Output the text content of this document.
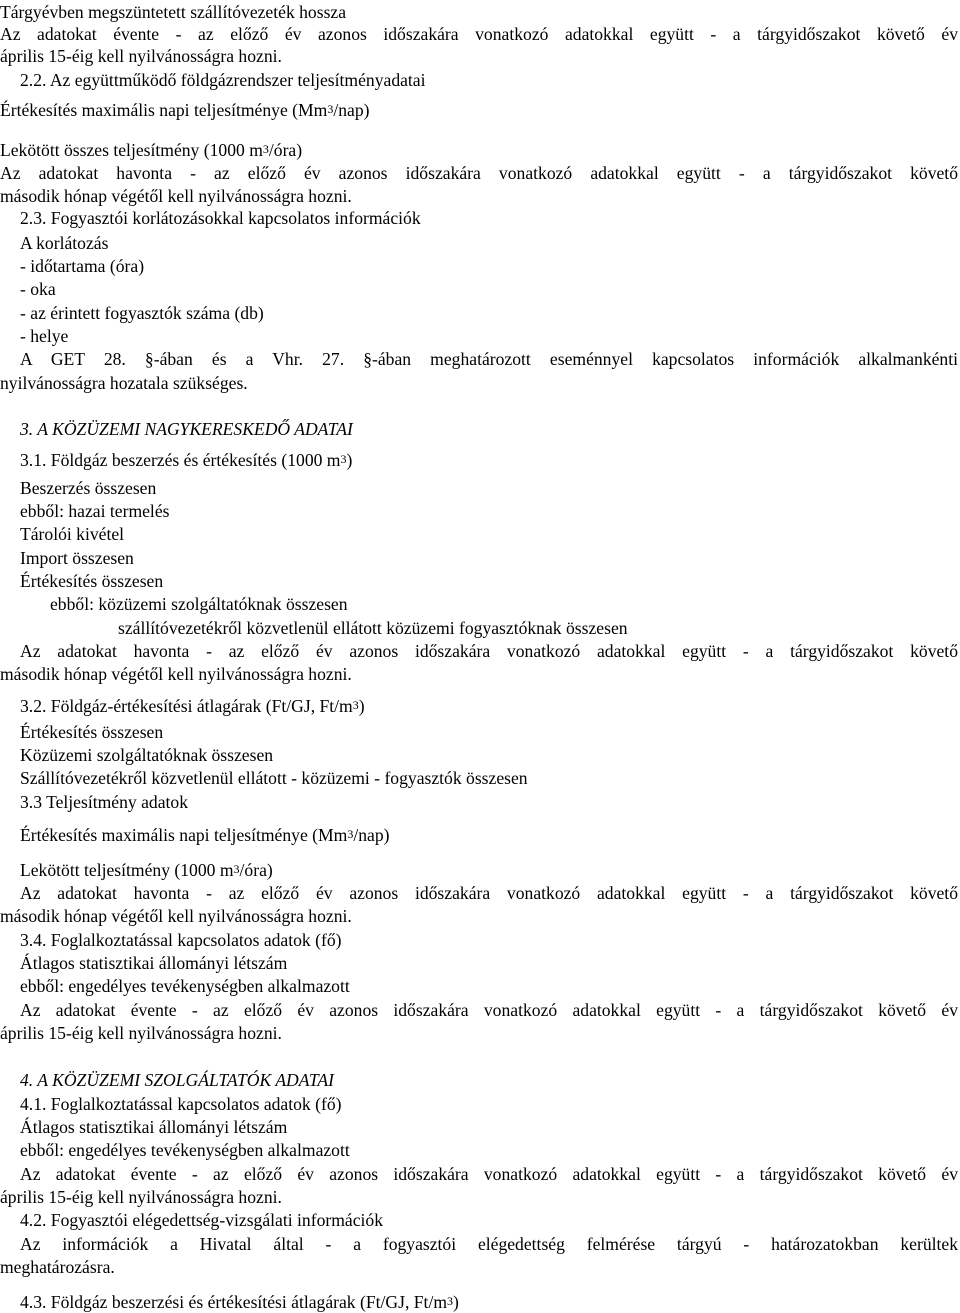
Tárgyévben megszüntetett szállítóvezeték hossza
Az adatokat évente - az előző év azonos időszakára vonatkozó adatokkal együtt - a tárgyidőszakot követő év
április 15-éig kell nyilvánosságra hozni.
2.2. Az együttműködő földgázrendszer teljesítményadatai
Értékesítés maximális napi teljesítménye (Mm$^3$/nap)
Lekötött összes teljesítmény (1000 $m^3/óra$)
Az adatokat havonta - az előző év azonos időszakára vonatkozó adatokkal együtt - a tárgyidőszakot követő
második hónap végétől kell nyilvánosságra hozni.
2.3. Fogyasztói korlátozásokkal kapcsolatos információk
A korlátozás
- időtartama (óra)
- oka
- az érintett fogyasztók száma (db)
- helye
A GET 28. §-ában és a Vhr. 27. §-ában meghatározott eseménnyel kapcsolatos információk alkalmankénti
nyilvánosságra hozatala szükséges.
3. A KÖZÜZEMI NAGYKERESKEDŐ ADATAI
3.1. Földgáz beszerzés és értékesítés (1000 $m^3$)
Beszerzés összesen
ebből: hazai termelés
Tárolói kivétel
Import összesen
Értékesítés összesen
ebből: közüzemi szolgáltatóknak összesen
szállítóvezetékről közvetlenül ellátott közüzemi fogyasztóknak összesen
Az adatokat havonta - az előző év azonos időszakára vonatkozó adatokkal együtt - a tárgyidőszakot követő
második hónap végétől kell nyilvánosságra hozni.
3.2. Földgáz-értékesítési átlagárak (Ft/GJ, $Ft/m^3$)
Értékesítés összesen
Közüzemi szolgáltatóknak összesen
Szállítóvezetékről közvetlenül ellátott - közüzemi - fogyasztók összesen
3.3 Teljesítmény adatok
Értékesítés maximális napi teljesítménye (Mm$^3$/nap)
Lekötött teljesítmény (1000 $m^3/óra$)
Az adatokat havonta - az előző év azonos időszakára vonatkozó adatokkal együtt - a tárgyidőszakot követő
második hónap végétől kell nyilvánosságra hozni.
3.4. Foglalkoztatással kapcsolatos adatok (fő)
Átlagos statisztikai állományi létszám
ebből: engedélyes tevékenységben alkalmazott
Az adatokat évente - az előző év azonos időszakára vonatkozó adatokkal együtt - a tárgyidőszakot követő év
április 15-éig kell nyilvánosságra hozni.
4. A KÖZÜZEMI SZOLGÁLTATÓK ADATAI
4.1. Foglalkoztatással kapcsolatos adatok (fő)
Átlagos statisztikai állományi létszám
ebből: engedélyes tevékenységben alkalmazott
Az adatokat évente - az előző év azonos időszakára vonatkozó adatokkal együtt - a tárgyidőszakot követő év
április 15-éig kell nyilvánosságra hozni.
4.2. Fogyasztói elégedettség-vizsgálati információk
Az információk a Hivatal által - a fogyasztói elégedettség felmérése tárgyú - határozatokban kerültek
meghatározásra.
4.3. Földgáz beszerzési és értékesítési átlagárak (Ft/GJ, $Ft/m^3$)
